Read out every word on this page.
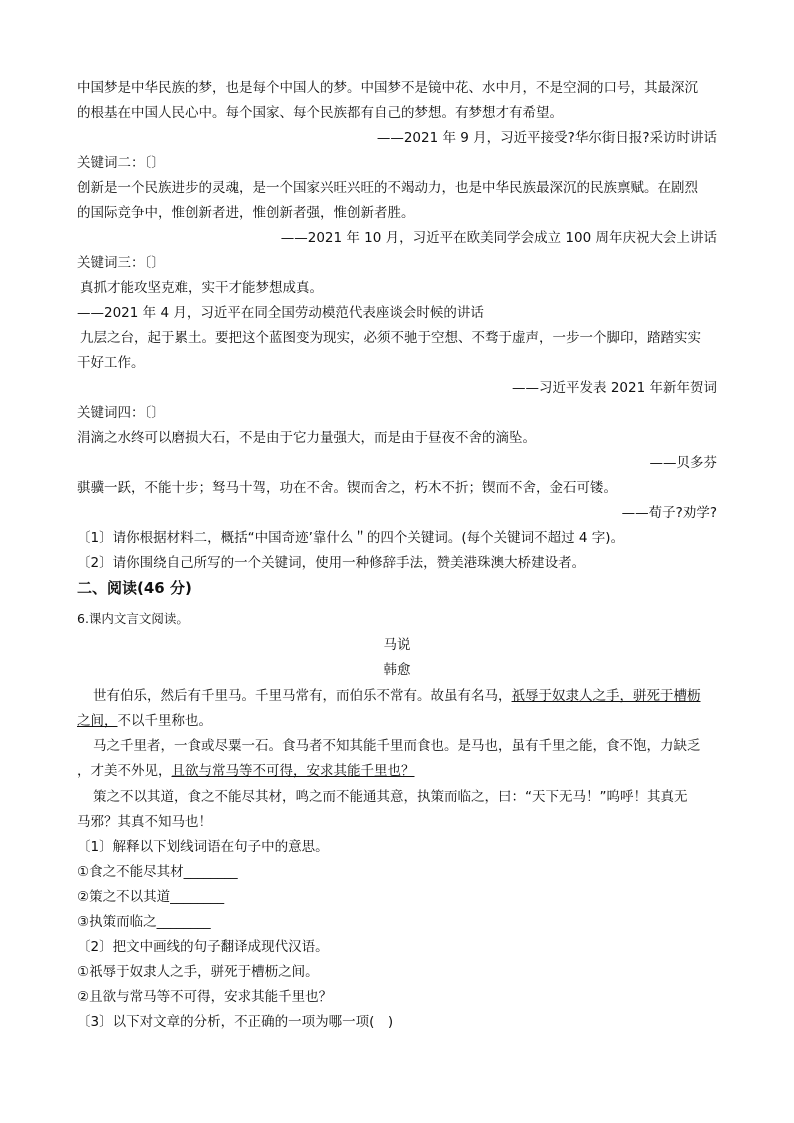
中国梦是中华民族的梦，也是每个中国人的梦。中国梦不是镜中花、水中月，不是空洞的口号，其最深沉
的根基在中国人民心中。每个国家、每个民族都有自己的梦想。有梦想才有希望。
——2021 年 9 月，习近平接受?华尔街日报?采访时讲话
关键词二：〔〕
创新是一个民族进步的灵魂，是一个国家兴旺兴旺的不竭动力，也是中华民族最深沉的民族禀赋。在剧烈
的国际竞争中，惟创新者进，惟创新者强，惟创新者胜。
——2021 年 10 月，习近平在欧美同学会成立 100 周年庆祝大会上讲话
关键词三：〔〕
真抓才能攻坚克难，实干才能梦想成真。
——2021 年 4 月，习近平在同全国劳动模范代表座谈会时候的讲话
九层之台，起于累土。要把这个蓝图变为现实，必须不驰于空想、不骛于虚声，一步一个脚印，踏踏实实
干好工作。
——习近平发表 2021 年新年贺词
关键词四：〔〕
涓滴之水终可以磨损大石，不是由于它力量强大，而是由于昼夜不舍的滴坠。
——贝多芬
骐骥一跃，不能十步；驽马十驾，功在不舍。锲而舍之，朽木不折；锲而不舍，金石可镂。
——荀子?劝学?
〔1〕请你根据材料二，概括“中国奇迹’靠什么＂的四个关键词。(每个关键词不超过 4 字)。
〔2〕请你围绕自己所写的一个关键词，使用一种修辞手法，赞美港珠澳大桥建设者。
二、阅读(46 分)
6.课内文言文阅读。
马说
韩愈
世有伯乐，然后有千里马。千里马常有，而伯乐不常有。故虽有名马，祇辱于奴隶人之手，骈死于槽枥
之间，不以千里称也。
马之千里者，一食或尽粟一石。食马者不知其能千里而食也。是马也，虽有千里之能，食不饱，力缺乏
，才美不外见，且欲与常马等不可得，安求其能千里也？
策之不以其道，食之不能尽其材，鸣之而不能通其意，执策而临之，曰：“天下无马！”呜呼！其真无
马邪？其真不知马也！
〔1〕解释以下划线词语在句子中的意思。
①食之不能尽其材________
②策之不以其道________
③执策而临之________
〔2〕把文中画线的句子翻译成现代汉语。
①祇辱于奴隶人之手，骈死于槽枥之间。
②且欲与常马等不可得，安求其能千里也？
〔3〕以下对文章的分析，不正确的一项为哪一项(　)
